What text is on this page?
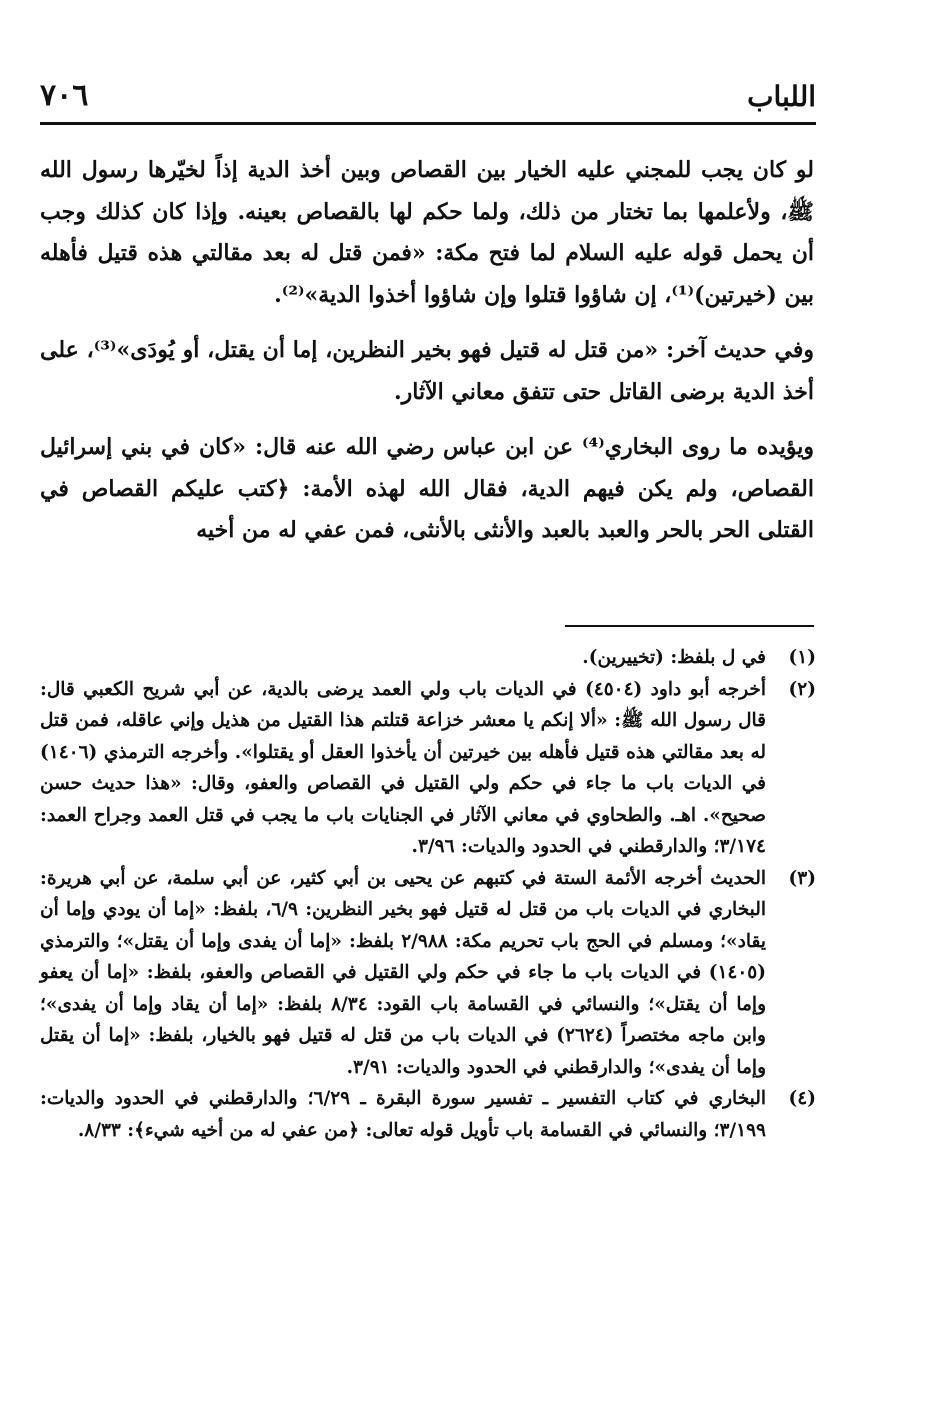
٧٠٦	اللباب

لو كان يجب للمجني عليه الخيار بين القصاص وبين أخذ الدية إذاً لخيّرها رسول الله ﷺ، ولأعلمها بما تختار من ذلك، ولما حكم لها بالقصاص بعينه. وإذا كان كذلك وجب أن يحمل قوله عليه السلام لما فتح مكة: «فمن قتل له بعد مقالتي هذه قتيل فأهله بين (خيرتين)⁽¹⁾، إن شاؤوا قتلوا وإن شاؤوا أخذوا الدية»⁽²⁾.

وفي حديث آخر: «من قتل له قتيل فهو بخير النظرين، إما أن يقتل، أو يُودَى»⁽³⁾، على أخذ الدية برضى القاتل حتى تتفق معاني الآثار.

ويؤيده ما روى البخاري⁽⁴⁾ عن ابن عباس رضي الله عنه قال: «كان في بني إسرائيل القصاص، ولم يكن فيهم الدية، فقال الله لهذه الأمة: ﴿كتب عليكم القصاص في القتلى الحر بالحر والعبد بالعبد والأنثى بالأنثى، فمن عفي له من أخيه

(١)
في ل بلفظ: (تخييرين).
(٢)
أخرجه أبو داود (٤٥٠٤) في الديات باب ولي العمد يرضى بالدية، عن أبي شريح الكعبي قال: قال رسول الله ﷺ: «ألا إنكم يا معشر خزاعة قتلتم هذا القتيل من هذيل وإني عاقله، فمن قتل له بعد مقالتي هذه قتيل فأهله بين خيرتين أن يأخذوا العقل أو يقتلوا». وأخرجه الترمذي (١٤٠٦) في الديات باب ما جاء في حكم ولي القتيل في القصاص والعفو، وقال: «هذا حديث حسن صحيح». اهـ. والطحاوي في معاني الآثار في الجنايات باب ما يجب في قتل العمد وجراح العمد: ٣/١٧٤؛ والدارقطني في الحدود والديات: ٣/٩٦.
(٣)
الحديث أخرجه الأئمة الستة في كتبهم عن يحيى بن أبي كثير، عن أبي سلمة، عن أبي هريرة: البخاري في الديات باب من قتل له قتيل فهو بخير النظرين: ٦/٩، بلفظ: «إما أن يودي وإما أن يقاد»؛ ومسلم في الحج باب تحريم مكة: ٢/٩٨٨ بلفظ: «إما أن يفدى وإما أن يقتل»؛ والترمذي (١٤٠٥) في الديات باب ما جاء في حكم ولي القتيل في القصاص والعفو، بلفظ: «إما أن يعفو وإما أن يقتل»؛ والنسائي في القسامة باب القود: ٨/٣٤ بلفظ: «إما أن يقاد وإما أن يفدى»؛ وابن ماجه مختصراً (٢٦٢٤) في الديات باب من قتل له قتيل فهو بالخيار، بلفظ: «إما أن يقتل وإما أن يفدى»؛ والدارقطني في الحدود والديات: ٣/٩١.
(٤)
البخاري في كتاب التفسير ـ تفسير سورة البقرة ـ ٦/٢٩؛ والدارقطني في الحدود والديات: ٣/١٩٩؛ والنسائي في القسامة باب تأويل قوله تعالى: ﴿من عفي له من أخيه شيء﴾: ٨/٣٣.
